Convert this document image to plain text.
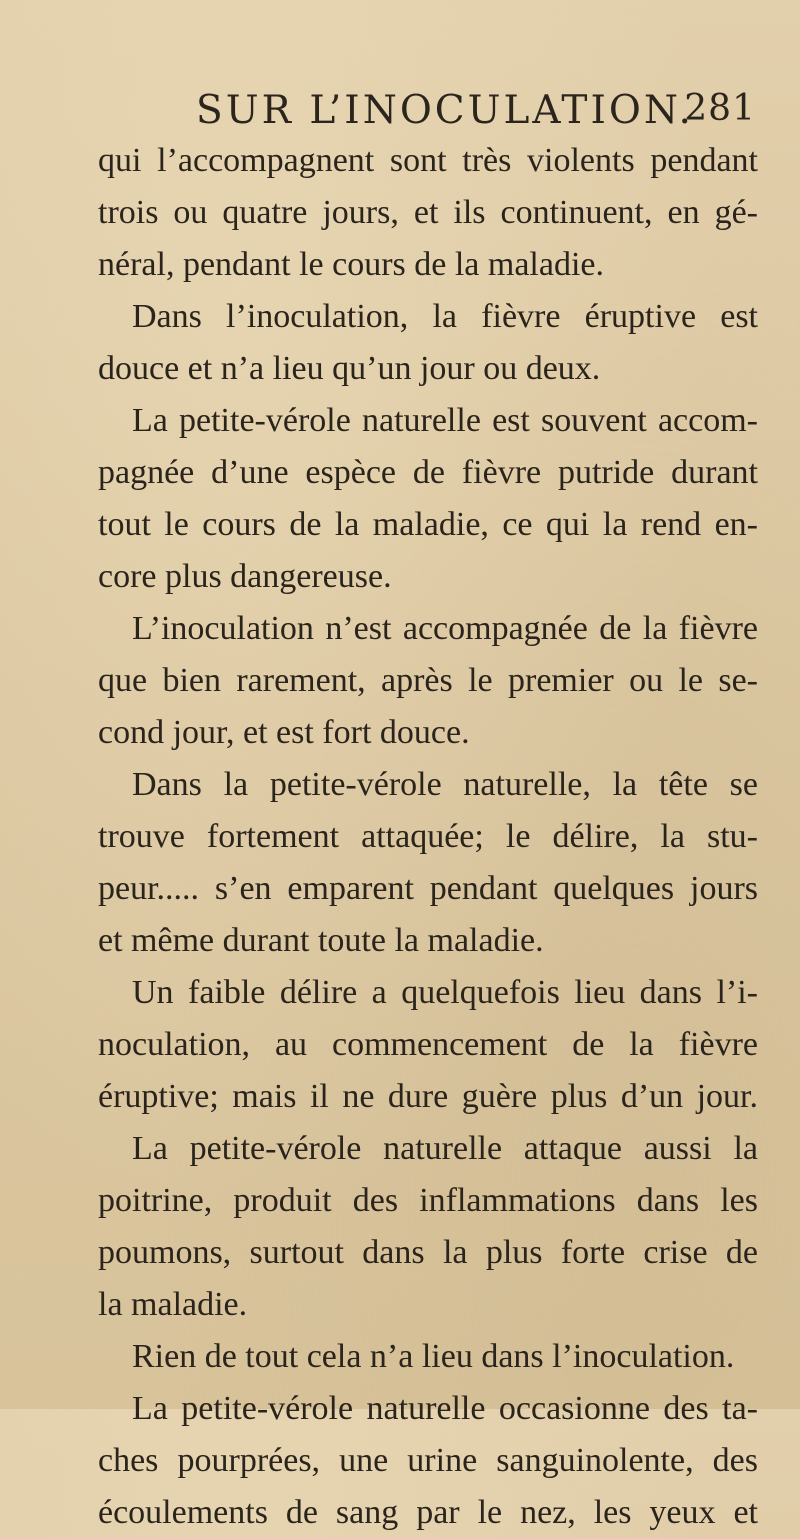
SUR L’INOCULATION.
281
qui l’accompagnent sont très violents pendant
trois ou quatre jours, et ils continuent, en gé-
néral, pendant le cours de la maladie.
Dans l’inoculation, la fièvre éruptive est
douce et n’a lieu qu’un jour ou deux.
La petite-vérole naturelle est souvent accom-
pagnée d’une espèce de fièvre putride durant
tout le cours de la maladie, ce qui la rend en-
core plus dangereuse.
L’inoculation n’est accompagnée de la fièvre
que bien rarement, après le premier ou le se-
cond jour, et est fort douce.
Dans la petite-vérole naturelle, la tête se
trouve fortement attaquée; le délire, la stu-
peur..... s’en emparent pendant quelques jours
et même durant toute la maladie.
Un faible délire a quelquefois lieu dans l’i-
noculation, au commencement de la fièvre
éruptive; mais il ne dure guère plus d’un jour.
La petite-vérole naturelle attaque aussi la
poitrine, produit des inflammations dans les
poumons, surtout dans la plus forte crise de
la maladie.
Rien de tout cela n’a lieu dans l’inoculation.
La petite-vérole naturelle occasionne des ta-
ches pourprées, une urine sanguinolente, des
écoulements de sang par le nez, les yeux et
